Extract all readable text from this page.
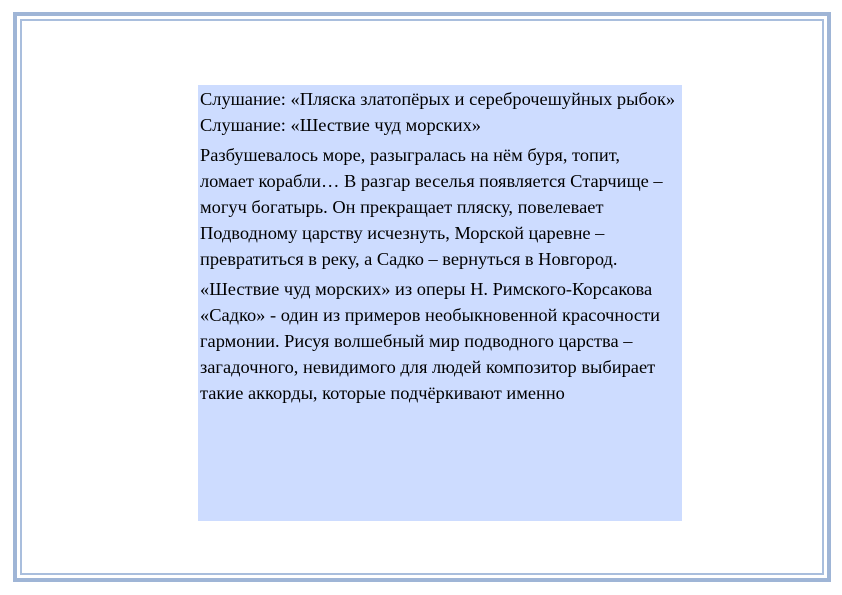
Слушание: «Пляска златопёрых и сереброчешуйных рыбок»

Слушание: «Шествие чуд морских»

Разбушевалось море, разыгралась на нём буря, топит, ломает корабли… В разгар веселья появляется Старчище – могуч богатырь. Он прекращает пляску, повелевает Подводному царству исчезнуть, Морской царевне – превратиться в реку, а Садко – вернуться в Новгород.

«Шествие чуд морских» из оперы Н. Римского-Корсакова «Садко» - один из примеров необыкновенной красочности гармонии. Рисуя волшебный мир подводного царства – загадочного, невидимого для людей композитор выбирает такие аккорды, которые подчёркивают именно
